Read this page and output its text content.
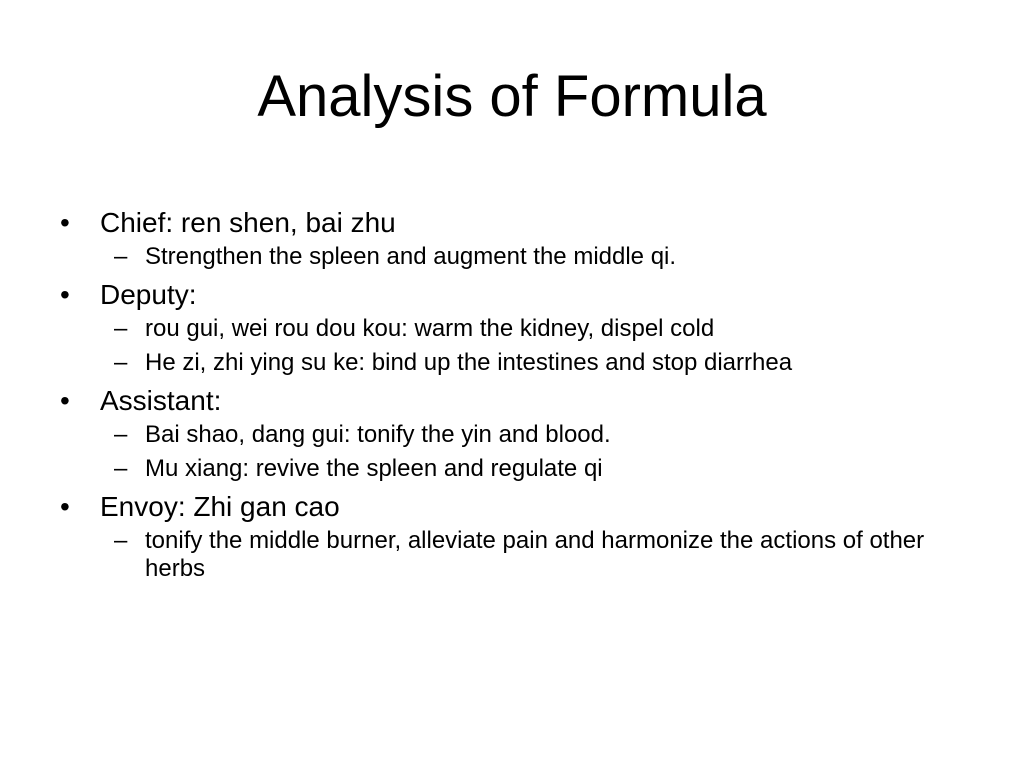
Analysis of Formula
• Chief: ren shen, bai zhu
– Strengthen the spleen and augment the middle qi.
• Deputy:
– rou gui, wei rou dou kou: warm the kidney, dispel cold
– He zi, zhi ying su ke: bind up the intestines and stop diarrhea
• Assistant:
– Bai shao, dang gui: tonify the yin and blood.
– Mu xiang: revive the spleen and regulate qi
• Envoy: Zhi gan cao
– tonify the middle burner, alleviate pain and harmonize the actions of other herbs
